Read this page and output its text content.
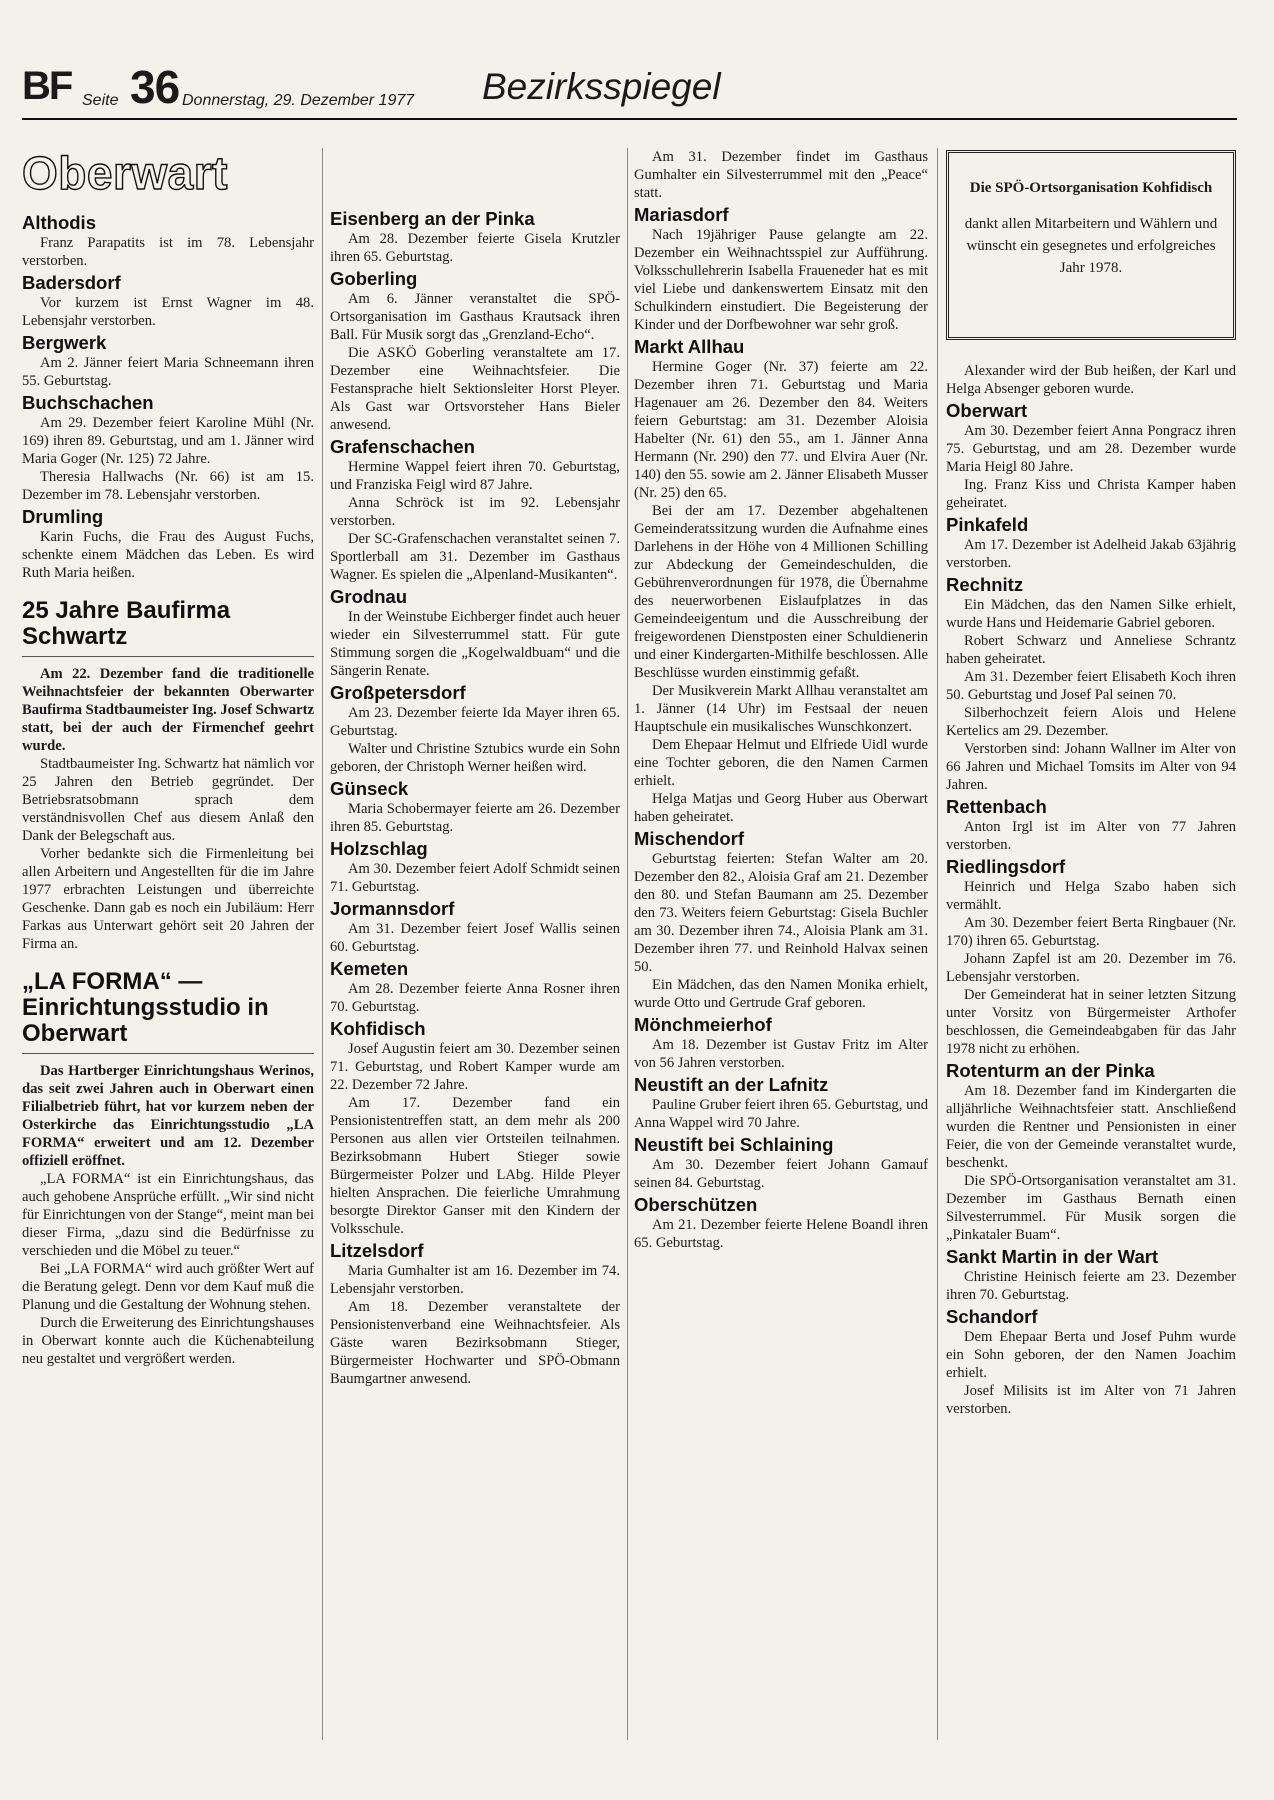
BF Seite 36 Donnerstag, 29. Dezember 1977 Bezirksspiegel
Oberwart
Althodis

Franz Parapatits ist im 78. Lebensjahr verstorben.

Badersdorf

Vor kurzem ist Ernst Wagner im 48. Lebensjahr verstorben.

Bergwerk

Am 2. Jänner feiert Maria Schneemann ihren 55. Geburtstag.

Buchschachen

Am 29. Dezember feiert Karoline Mühl (Nr. 169) ihren 89. Geburtstag, und am 1. Jänner wird Maria Goger (Nr. 125) 72 Jahre.

Theresia Hallwachs (Nr. 66) ist am 15. Dezember im 78. Lebensjahr verstorben.

Drumling

Karin Fuchs, die Frau des August Fuchs, schenkte einem Mädchen das Leben. Es wird Ruth Maria heißen.

25 Jahre Baufirma Schwartz

Am 22. Dezember fand die traditionelle Weihnachtsfeier der bekannten Oberwarter Baufirma Stadtbaumeister Ing. Josef Schwartz statt, bei der auch der Firmenchef geehrt wurde.

Stadtbaumeister Ing. Schwartz hat nämlich vor 25 Jahren den Betrieb gegründet. Der Betriebsratsobmann sprach dem verständnisvollen Chef aus diesem Anlaß den Dank der Belegschaft aus.

Vorher bedankte sich die Firmenleitung bei allen Arbeitern und Angestellten für die im Jahre 1977 erbrachten Leistungen und überreichte Geschenke. Dann gab es noch ein Jubiläum: Herr Farkas aus Unterwart gehört seit 20 Jahren der Firma an.

„LA FORMA“ — Einrichtungsstudio in Oberwart

Das Hartberger Einrichtungshaus Werinos, das seit zwei Jahren auch in Oberwart einen Filialbetrieb führt, hat vor kurzem neben der Osterkirche das Einrichtungsstudio „LA FORMA“ erweitert und am 12. Dezember offiziell eröffnet.

„LA FORMA“ ist ein Einrichtungshaus, das auch gehobene Ansprüche erfüllt. „Wir sind nicht für Einrichtungen von der Stange“, meint man bei dieser Firma, „dazu sind die Bedürfnisse zu verschieden und die Möbel zu teuer.“

Bei „LA FORMA“ wird auch größter Wert auf die Beratung gelegt. Denn vor dem Kauf muß die Planung und die Gestaltung der Wohnung stehen.

Durch die Erweiterung des Einrichtungshauses in Oberwart konnte auch die Küchenabteilung neu gestaltet und vergrößert werden.

Eisenberg an der Pinka

Am 28. Dezember feierte Gisela Krutzler ihren 65. Geburtstag.

Goberling

Am 6. Jänner veranstaltet die SPÖ-Ortsorganisation im Gasthaus Krautsack ihren Ball. Für Musik sorgt das „Grenzland-Echo“.

Die ASKÖ Goberling veranstaltete am 17. Dezember eine Weihnachtsfeier. Die Festansprache hielt Sektionsleiter Horst Pleyer. Als Gast war Ortsvorsteher Hans Bieler anwesend.

Grafenschachen

Hermine Wappel feiert ihren 70. Geburtstag, und Franziska Feigl wird 87 Jahre.

Anna Schröck ist im 92. Lebensjahr verstorben.

Der SC-Grafenschachen veranstaltet seinen 7. Sportlerball am 31. Dezember im Gasthaus Wagner. Es spielen die „Alpenland-Musikanten“.

Grodnau

In der Weinstube Eichberger findet auch heuer wieder ein Silvesterrummel statt. Für gute Stimmung sorgen die „Kogelwaldbuam“ und die Sängerin Renate.

Großpetersdorf

Am 23. Dezember feierte Ida Mayer ihren 65. Geburtstag.

Walter und Christine Sztubics wurde ein Sohn geboren, der Christoph Werner heißen wird.

Günseck

Maria Schobermayer feierte am 26. Dezember ihren 85. Geburtstag.

Holzschlag

Am 30. Dezember feiert Adolf Schmidt seinen 71. Geburtstag.

Jormannsdorf

Am 31. Dezember feiert Josef Wallis seinen 60. Geburtstag.

Kemeten

Am 28. Dezember feierte Anna Rosner ihren 70. Geburtstag.

Kohfidisch

Josef Augustin feiert am 30. Dezember seinen 71. Geburtstag, und Robert Kamper wurde am 22. Dezember 72 Jahre.

Am 17. Dezember fand ein Pensionistentreffen statt, an dem mehr als 200 Personen aus allen vier Ortsteilen teilnahmen. Bezirksobmann Hubert Stieger sowie Bürgermeister Polzer und LAbg. Hilde Pleyer hielten Ansprachen. Die feierliche Umrahmung besorgte Direktor Ganser mit den Kindern der Volksschule.

Litzelsdorf

Maria Gumhalter ist am 16. Dezember im 74. Lebensjahr verstorben.

Am 18. Dezember veranstaltete der Pensionistenverband eine Weihnachtsfeier. Als Gäste waren Bezirksobmann Stieger, Bürgermeister Hochwarter und SPÖ-Obmann Baumgartner anwesend.

Am 31. Dezember findet im Gasthaus Gumhalter ein Silvesterrummel mit den „Peace“ statt.

Mariasdorf

Nach 19jähriger Pause gelangte am 22. Dezember ein Weihnachtsspiel zur Aufführung. Volksschullehrerin Isabella Fraueneder hat es mit viel Liebe und dankenswertem Einsatz mit den Schulkindern einstudiert. Die Begeisterung der Kinder und der Dorfbewohner war sehr groß.

Markt Allhau

Hermine Goger (Nr. 37) feierte am 22. Dezember ihren 71. Geburtstag und Maria Hagenauer am 26. Dezember den 84. Weiters feiern Geburtstag: am 31. Dezember Aloisia Habelter (Nr. 61) den 55., am 1. Jänner Anna Hermann (Nr. 290) den 77. und Elvira Auer (Nr. 140) den 55. sowie am 2. Jänner Elisabeth Musser (Nr. 25) den 65.

Bei der am 17. Dezember abgehaltenen Gemeinderatssitzung wurden die Aufnahme eines Darlehens in der Höhe von 4 Millionen Schilling zur Abdeckung der Gemeindeschulden, die Gebührenverordnungen für 1978, die Übernahme des neuerworbenen Eislaufplatzes in das Gemeindeeigentum und die Ausschreibung der freigewordenen Dienstposten einer Schuldienerin und einer Kindergarten-Mithilfe beschlossen. Alle Beschlüsse wurden einstimmig gefaßt.

Der Musikverein Markt Allhau veranstaltet am 1. Jänner (14 Uhr) im Festsaal der neuen Hauptschule ein musikalisches Wunschkonzert.

Dem Ehepaar Helmut und Elfriede Uidl wurde eine Tochter geboren, die den Namen Carmen erhielt.

Helga Matjas und Georg Huber aus Oberwart haben geheiratet.

Mischendorf

Geburtstag feierten: Stefan Walter am 20. Dezember den 82., Aloisia Graf am 21. Dezember den 80. und Stefan Baumann am 25. Dezember den 73. Weiters feiern Geburtstag: Gisela Buchler am 30. Dezember ihren 74., Aloisia Plank am 31. Dezember ihren 77. und Reinhold Halvax seinen 50.

Ein Mädchen, das den Namen Monika erhielt, wurde Otto und Gertrude Graf geboren.

Mönchmeierhof

Am 18. Dezember ist Gustav Fritz im Alter von 56 Jahren verstorben.

Neustift an der Lafnitz

Pauline Gruber feiert ihren 65. Geburtstag, und Anna Wappel wird 70 Jahre.

Neustift bei Schlaining

Am 30. Dezember feiert Johann Gamauf seinen 84. Geburtstag.

Oberschützen

Am 21. Dezember feierte Helene Boandl ihren 65. Geburtstag.

Die SPÖ-Ortsorganisation Kohfidisch
dankt allen Mitarbeitern und Wählern und wünscht ein gesegnetes und erfolgreiches Jahr 1978.

Alexander wird der Bub heißen, der Karl und Helga Absenger geboren wurde.

Oberwart

Am 30. Dezember feiert Anna Pongracz ihren 75. Geburtstag, und am 28. Dezember wurde Maria Heigl 80 Jahre.

Ing. Franz Kiss und Christa Kamper haben geheiratet.

Pinkafeld

Am 17. Dezember ist Adelheid Jakab 63jährig verstorben.

Rechnitz

Ein Mädchen, das den Namen Silke erhielt, wurde Hans und Heidemarie Gabriel geboren.

Robert Schwarz und Anneliese Schrantz haben geheiratet.

Am 31. Dezember feiert Elisabeth Koch ihren 50. Geburtstag und Josef Pal seinen 70.

Silberhochzeit feiern Alois und Helene Kertelics am 29. Dezember.

Verstorben sind: Johann Wallner im Alter von 66 Jahren und Michael Tomsits im Alter von 94 Jahren.

Rettenbach

Anton Irgl ist im Alter von 77 Jahren verstorben.

Riedlingsdorf

Heinrich und Helga Szabo haben sich vermählt.

Am 30. Dezember feiert Berta Ringbauer (Nr. 170) ihren 65. Geburtstag.

Johann Zapfel ist am 20. Dezember im 76. Lebensjahr verstorben.

Der Gemeinderat hat in seiner letzten Sitzung unter Vorsitz von Bürgermeister Arthofer beschlossen, die Gemeindeabgaben für das Jahr 1978 nicht zu erhöhen.

Rotenturm an der Pinka

Am 18. Dezember fand im Kindergarten die alljährliche Weihnachtsfeier statt. Anschließend wurden die Rentner und Pensionisten in einer Feier, die von der Gemeinde veranstaltet wurde, beschenkt.

Die SPÖ-Ortsorganisation veranstaltet am 31. Dezember im Gasthaus Bernath einen Silvesterrummel. Für Musik sorgen die „Pinkataler Buam“.

Sankt Martin in der Wart

Christine Heinisch feierte am 23. Dezember ihren 70. Geburtstag.

Schandorf

Dem Ehepaar Berta und Josef Puhm wurde ein Sohn geboren, der den Namen Joachim erhielt.

Josef Milisits ist im Alter von 71 Jahren verstorben.
